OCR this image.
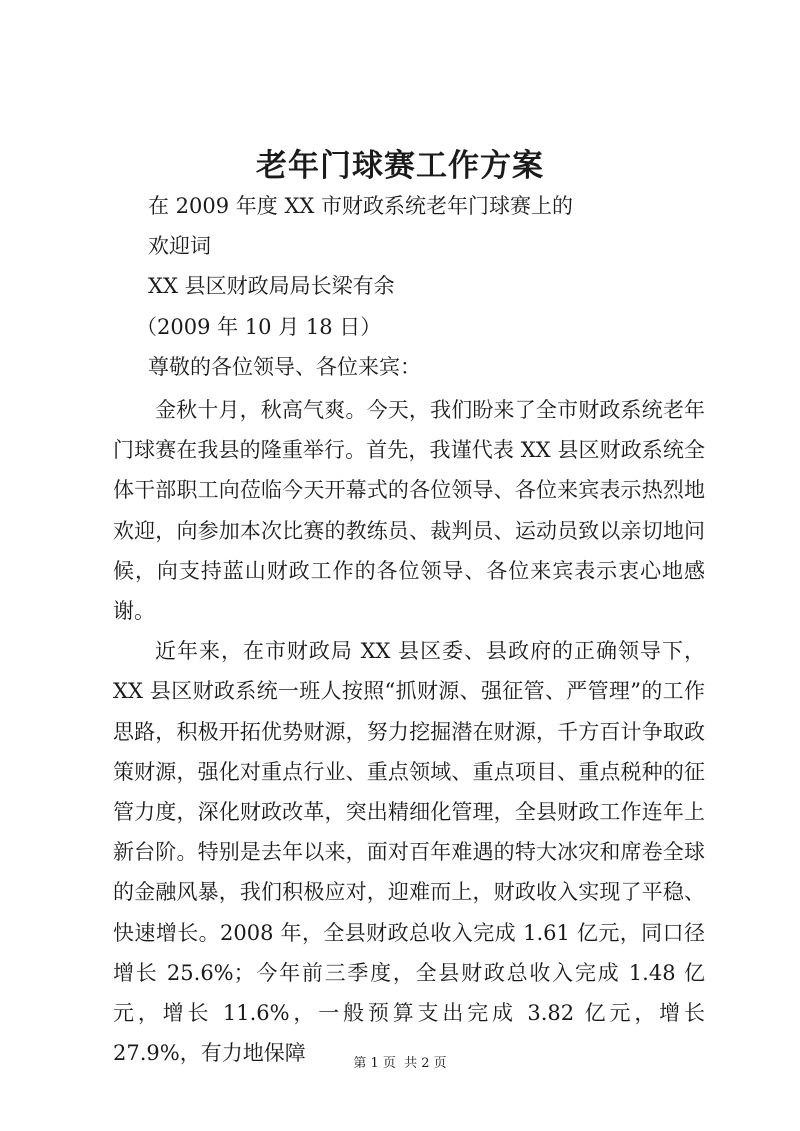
老年门球赛工作方案
在 2009 年度 XX 市财政系统老年门球赛上的
欢迎词
XX 县区财政局局长梁有余
（2009 年 10 月 18 日）
尊敬的各位领导、各位来宾：

金秋十月，秋高气爽。今天，我们盼来了全市财政系统老年门球赛在我县的隆重举行。首先，我谨代表 XX 县区财政系统全体干部职工向莅临今天开幕式的各位领导、各位来宾表示热烈地欢迎，向参加本次比赛的教练员、裁判员、运动员致以亲切地问候，向支持蓝山财政工作的各位领导、各位来宾表示衷心地感谢。

近年来，在市财政局 XX 县区委、县政府的正确领导下，XX 县区财政系统一班人按照“抓财源、强征管、严管理”的工作思路，积极开拓优势财源，努力挖掘潜在财源，千方百计争取政策财源，强化对重点行业、重点领域、重点项目、重点税种的征管力度，深化财政改革，突出精细化管理，全县财政工作连年上新台阶。特别是去年以来，面对百年难遇的特大冰灾和席卷全球的金融风暴，我们积极应对，迎难而上，财政收入实现了平稳、快速增长。2008 年，全县财政总收入完成 1.61 亿元，同口径增长 25.6%；今年前三季度，全县财政总收入完成 1.48 亿元，增长 11.6%，一般预算支出完成 3.82 亿元，增长 27.9%，有力地保障	第 1 页 共 2 页
